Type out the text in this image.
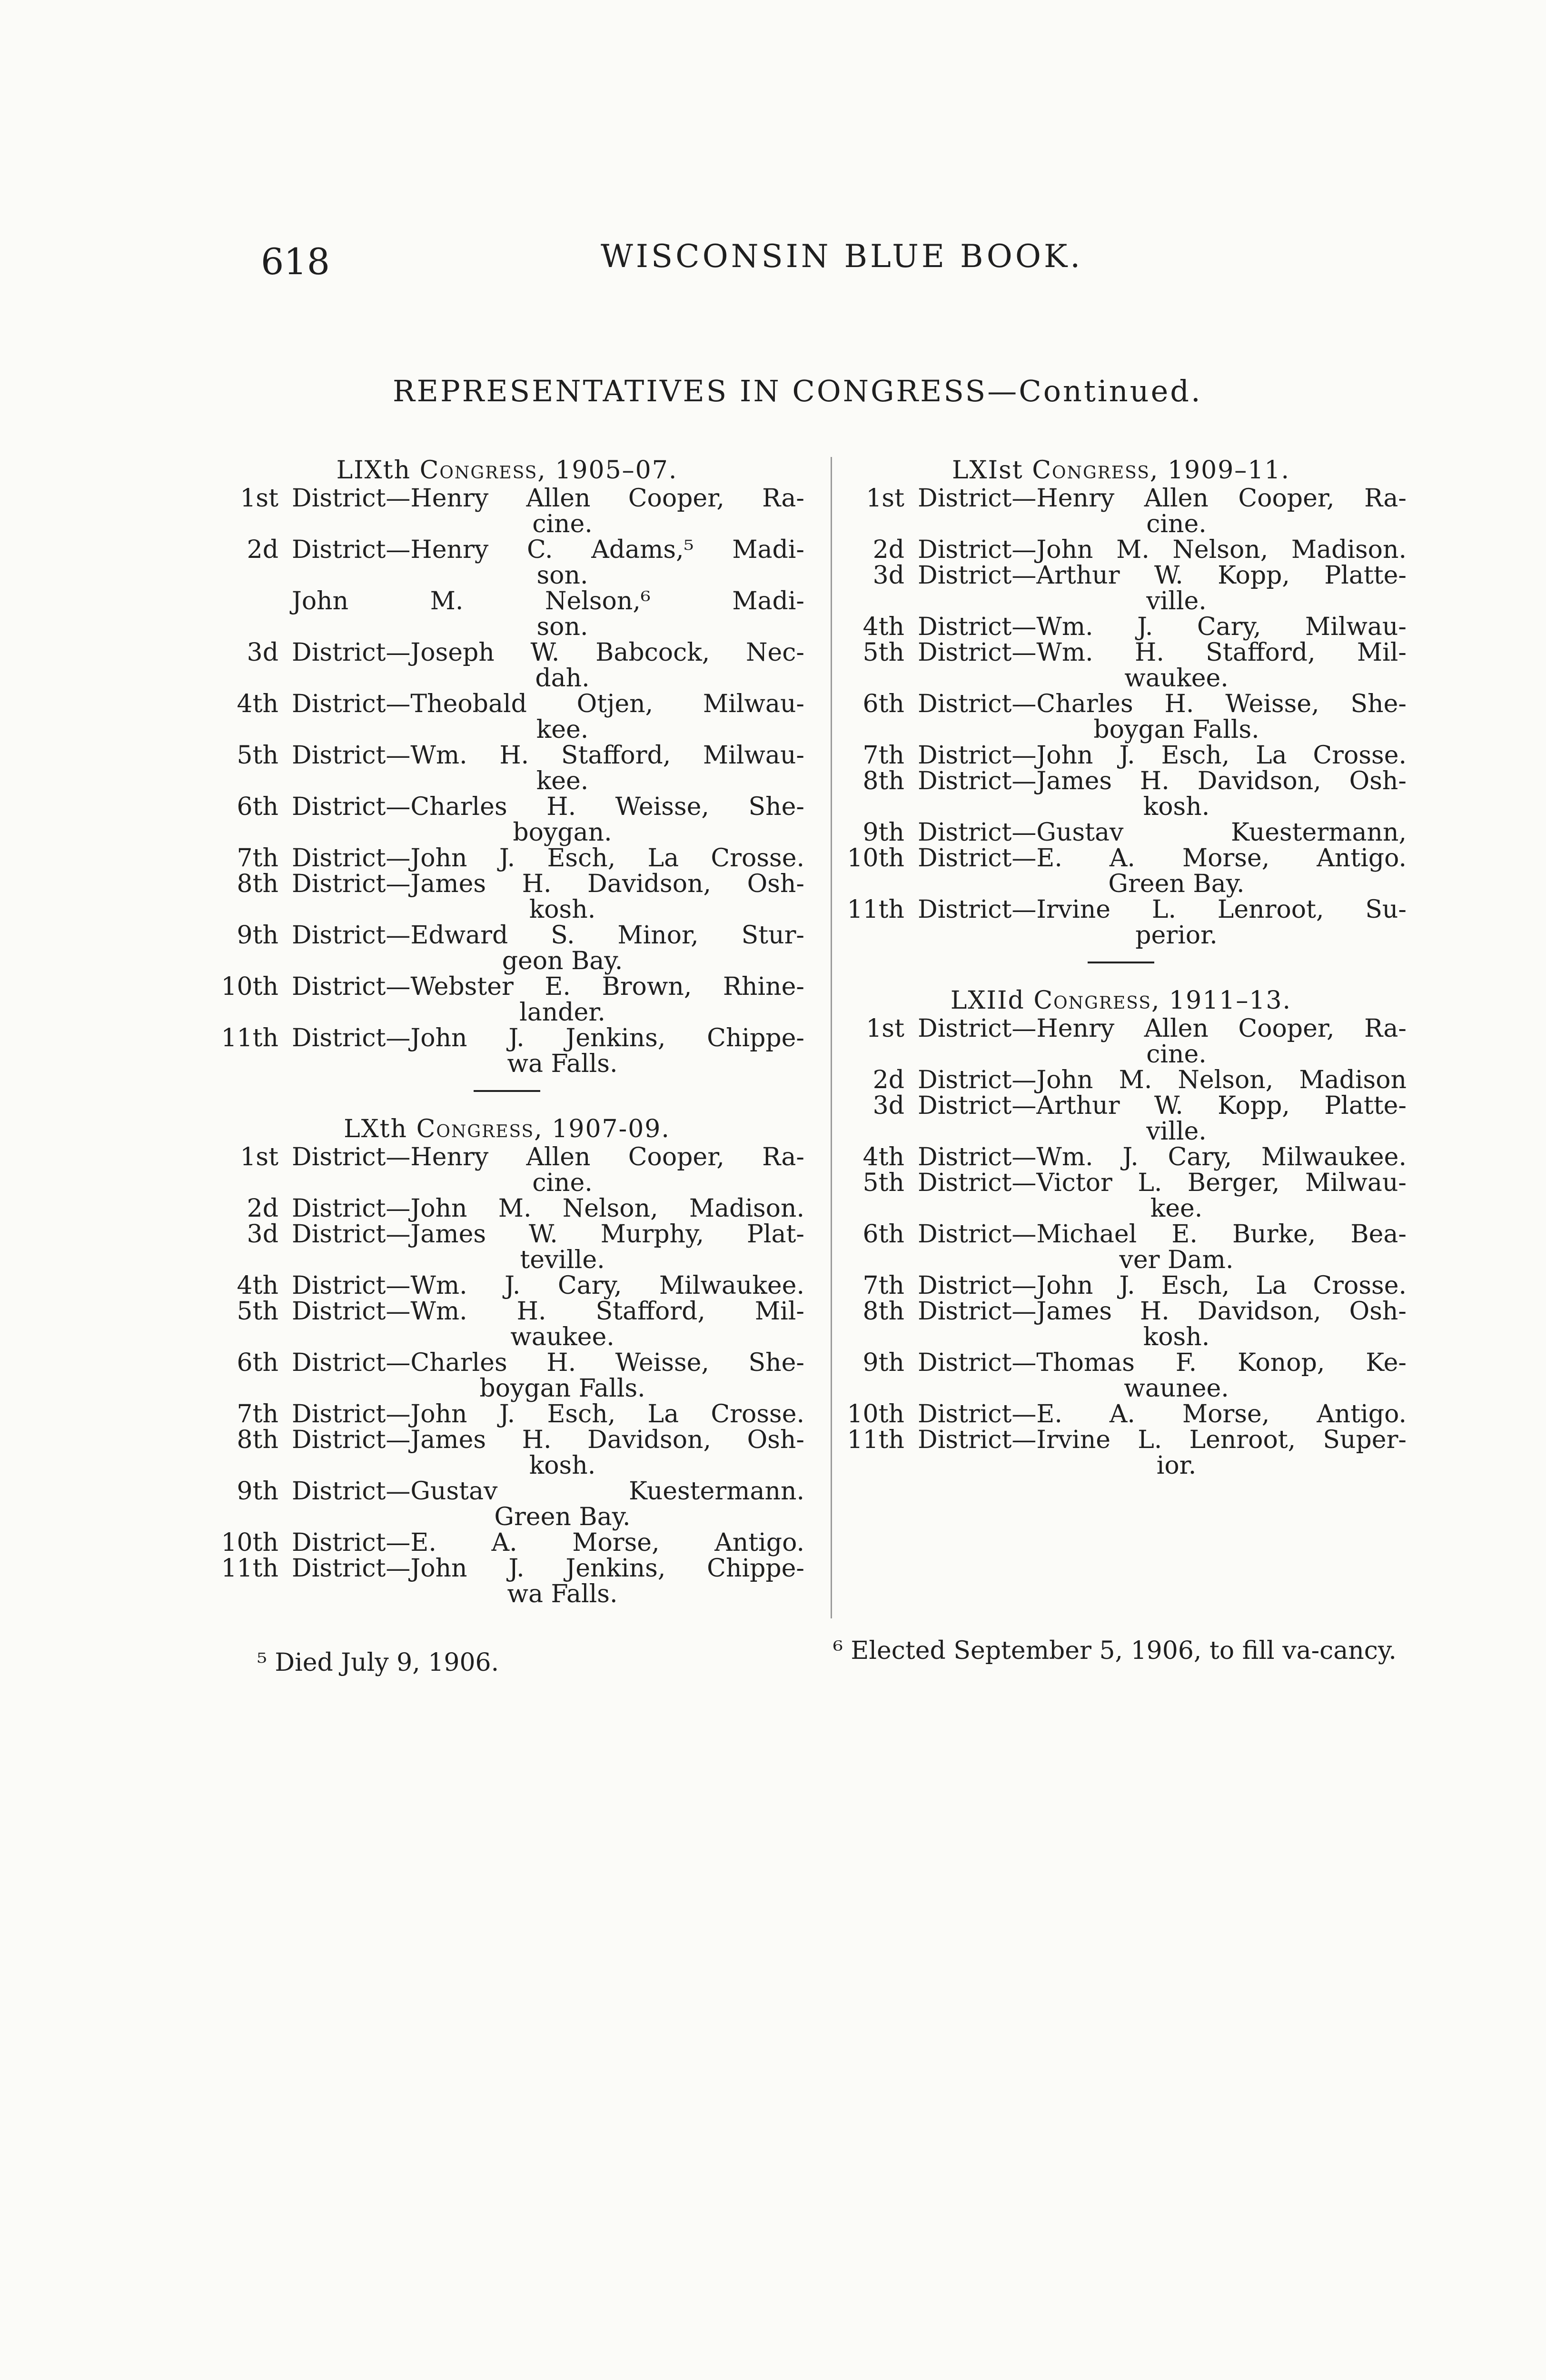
618	WISCONSIN BLUE BOOK.
REPRESENTATIVES IN CONGRESS—Continued.
LIXth Congress, 1905–07.
1st District—Henry Allen Cooper, Ra-
cine.
2d District—Henry C. Adams,⁵ Madi-
son.
John M. Nelson,⁶ Madi-
son.
3d District—Joseph W. Babcock, Nec-
dah.
4th District—Theobald Otjen, Milwau-
kee.
5th District—Wm. H. Stafford, Milwau-
kee.
6th District—Charles H. Weisse, She-
boygan.
7th District—John J. Esch, La Crosse.
8th District—James H. Davidson, Osh-
kosh.
9th District—Edward S. Minor, Stur-
geon Bay.
10th District—Webster E. Brown, Rhine-
lander.
11th District—John J. Jenkins, Chippe-
wa Falls.
LXth Congress, 1907-09.
1st District—Henry Allen Cooper, Ra-
cine.
2d District—John M. Nelson, Madison.
3d District—James W. Murphy, Plat-
teville.
4th District—Wm. J. Cary, Milwaukee.
5th District—Wm. H. Stafford, Mil-
waukee.
6th District—Charles H. Weisse, She-
boygan Falls.
7th District—John J. Esch, La Crosse.
8th District—James H. Davidson, Osh-
kosh.
9th District—Gustav Kuestermann.
Green Bay.
10th District—E. A. Morse, Antigo.
11th District—John J. Jenkins, Chippe-
wa Falls.
LXIst Congress, 1909–11.
1st District—Henry Allen Cooper, Ra-
cine.
2d District—John M. Nelson, Madison.
3d District—Arthur W. Kopp, Platte-
ville.
4th District—Wm. J. Cary, Milwau-
5th District—Wm. H. Stafford, Mil-
waukee.
6th District—Charles H. Weisse, She-
boygan Falls.
7th District—John J. Esch, La Crosse.
8th District—James H. Davidson, Osh-
kosh.
9th District—Gustav Kuestermann,
10th District—E. A. Morse, Antigo.
Green Bay.
11th District—Irvine L. Lenroot, Su-
perior.
LXIId Congress, 1911–13.
1st District—Henry Allen Cooper, Ra-
cine.
2d District—John M. Nelson, Madison
3d District—Arthur W. Kopp, Platte-
ville.
4th District—Wm. J. Cary, Milwaukee.
5th District—Victor L. Berger, Milwau-
kee.
6th District—Michael E. Burke, Bea-
ver Dam.
7th District—John J. Esch, La Crosse.
8th District—James H. Davidson, Osh-
kosh.
9th District—Thomas F. Konop, Ke-
waunee.
10th District—E. A. Morse, Antigo.
11th District—Irvine L. Lenroot, Super-
ior.
⁵ Died July 9, 1906.	⁶ Elected September 5, 1906, to fill va-cancy.
